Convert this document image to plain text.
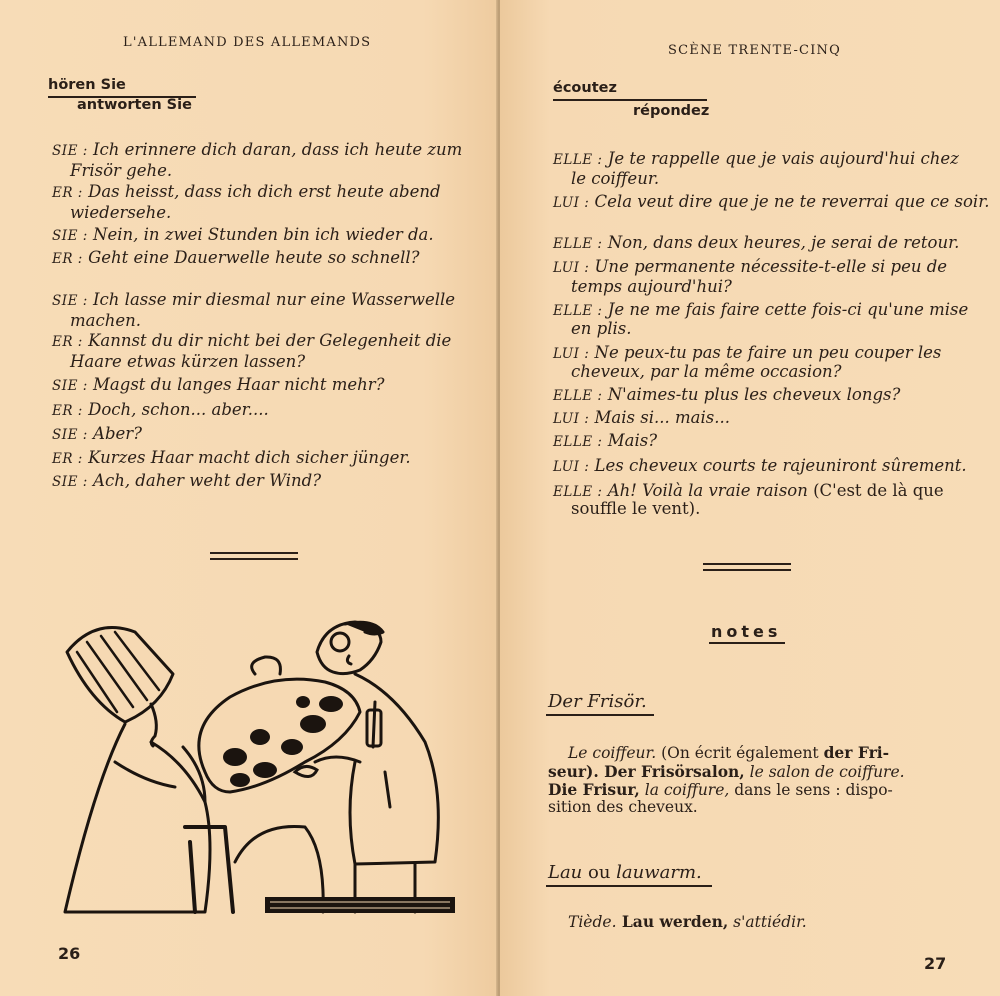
L'ALLEMAND DES ALLEMANDS
hören Sie
antworten Sie
SIE : Ich erinnere dich daran, dass ich heute zum
Frisör gehe.
ER : Das heisst, dass ich dich erst heute abend
wiedersehe.
SIE : Nein, in zwei Stunden bin ich wieder da.
ER : Geht eine Dauerwelle heute so schnell?
SIE : Ich lasse mir diesmal nur eine Wasserwelle
machen.
ER : Kannst du dir nicht bei der Gelegenheit die
Haare etwas kürzen lassen?
SIE : Magst du langes Haar nicht mehr?
ER : Doch, schon... aber....
SIE : Aber?
ER : Kurzes Haar macht dich sicher jünger.
SIE : Ach, daher weht der Wind?
26
SCÈNE TRENTE-CINQ
écoutez
répondez
ELLE : Je te rappelle que je vais aujourd'hui chez
le coiffeur.
LUI : Cela veut dire que je ne te reverrai que ce soir.
ELLE : Non, dans deux heures, je serai de retour.
LUI : Une permanente nécessite-t-elle si peu de
temps aujourd'hui?
ELLE : Je ne me fais faire cette fois-ci qu'une mise
en plis.
LUI : Ne peux-tu pas te faire un peu couper les
cheveux, par la même occasion?
ELLE : N'aimes-tu plus les cheveux longs?
LUI : Mais si... mais...
ELLE : Mais?
LUI : Les cheveux courts te rajeuniront sûrement.
ELLE : Ah! Voilà la vraie raison (C'est de là que
souffle le vent).
notes
Der Frisör.
Le coiffeur. (On écrit également der Fri-
seur). Der Frisörsalon, le salon de coiffure.
Die Frisur, la coiffure, dans le sens : dispo-
sition des cheveux.
Lau ou lauwarm.
Tiède. Lau werden, s'attiédir.
27
